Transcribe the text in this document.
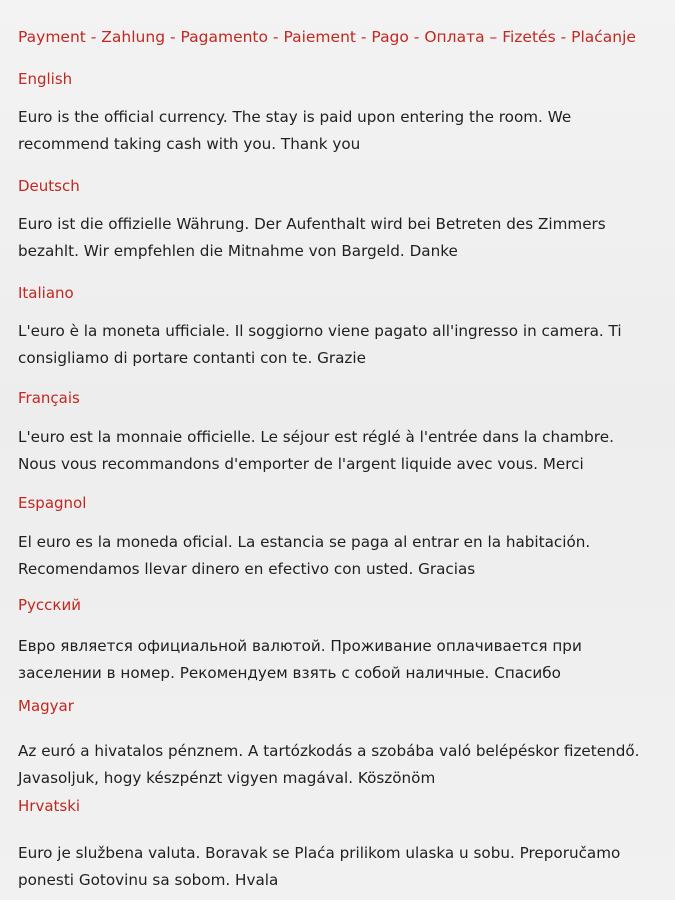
Payment - Zahlung - Pagamento - Paiement - Pago - Оплата – Fizetés - Plaćanje
English

Euro is the official currency. The stay is paid upon entering the room. We
recommend taking cash with you. Thank you

Deutsch

Euro ist die offizielle Währung. Der Aufenthalt wird bei Betreten des Zimmers
bezahlt. Wir empfehlen die Mitnahme von Bargeld. Danke

Italiano

L'euro è la moneta ufficiale. Il soggiorno viene pagato all'ingresso in camera. Ti
consigliamo di portare contanti con te. Grazie

Français

L'euro est la monnaie officielle. Le séjour est réglé à l'entrée dans la chambre.
Nous vous recommandons d'emporter de l'argent liquide avec vous. Merci

Espagnol

El euro es la moneda oficial. La estancia se paga al entrar en la habitación.
Recomendamos llevar dinero en efectivo con usted. Gracias

Русский

Евро является официальной валютой. Проживание оплачивается при
заселении в номер. Рекомендуем взять с собой наличные. Спасибо

Magyar

Az euró a hivatalos pénznem. A tartózkodás a szobába való belépéskor fizetendő.
Javasoljuk, hogy készpénzt vigyen magával. Köszönöm

Hrvatski

Euro je službena valuta. Boravak se Plaća prilikom ulaska u sobu. Preporučamo
ponesti Gotovinu sa sobom. Hvala
